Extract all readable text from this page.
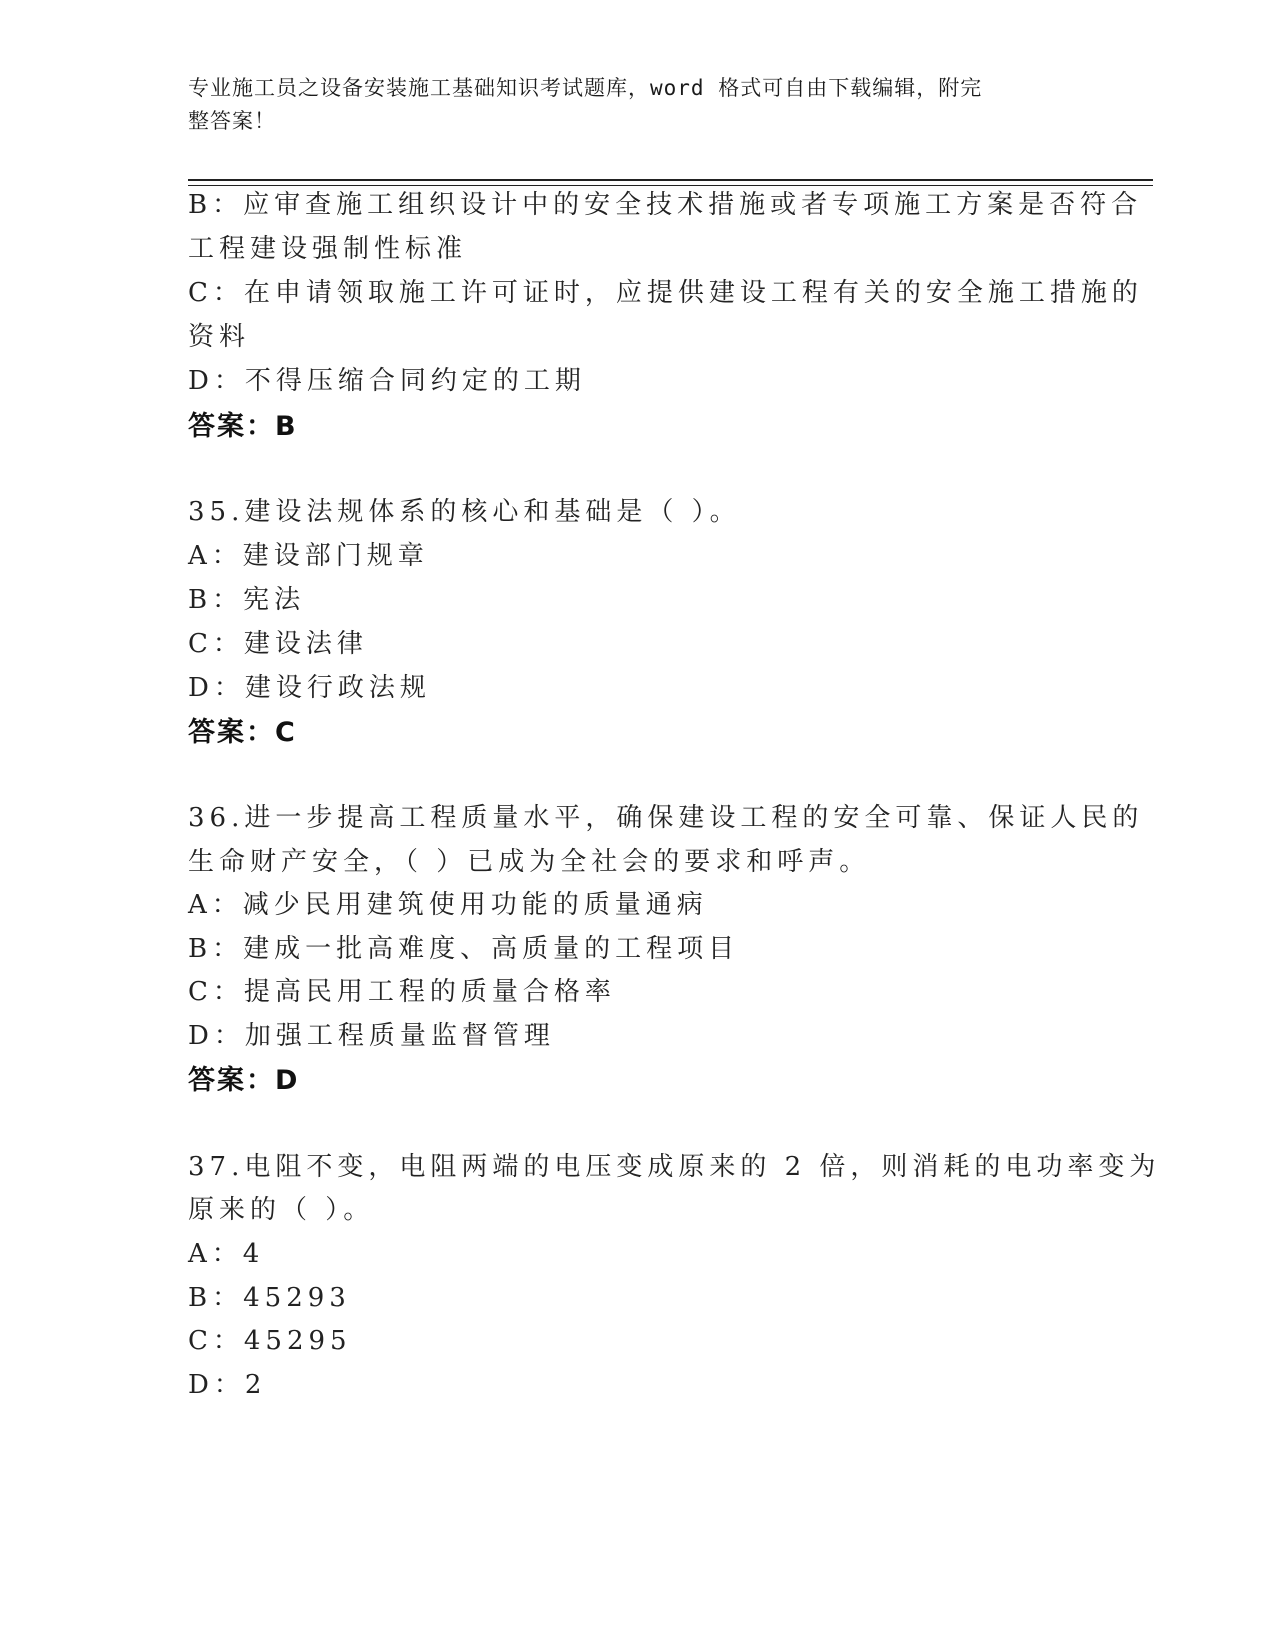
专业施工员之设备安装施工基础知识考试题库，word 格式可自由下载编辑，附完
整答案！
B：应审查施工组织设计中的安全技术措施或者专项施工方案是否符合
工程建设强制性标准
C：在申请领取施工许可证时，应提供建设工程有关的安全施工措施的
资料
D：不得压缩合同约定的工期
答案：B
35.建设法规体系的核心和基础是（ ）。
A：建设部门规章
B：宪法
C：建设法律
D：建设行政法规
答案：C
36.进一步提高工程质量水平，确保建设工程的安全可靠、保证人民的
生命财产安全，（ ）已成为全社会的要求和呼声。
A：减少民用建筑使用功能的质量通病
B：建成一批高难度、高质量的工程项目
C：提高民用工程的质量合格率
D：加强工程质量监督管理
答案：D
37.电阻不变，电阻两端的电压变成原来的 2 倍，则消耗的电功率变为
原来的（ ）。
A：4
B：45293
C：45295
D：2
